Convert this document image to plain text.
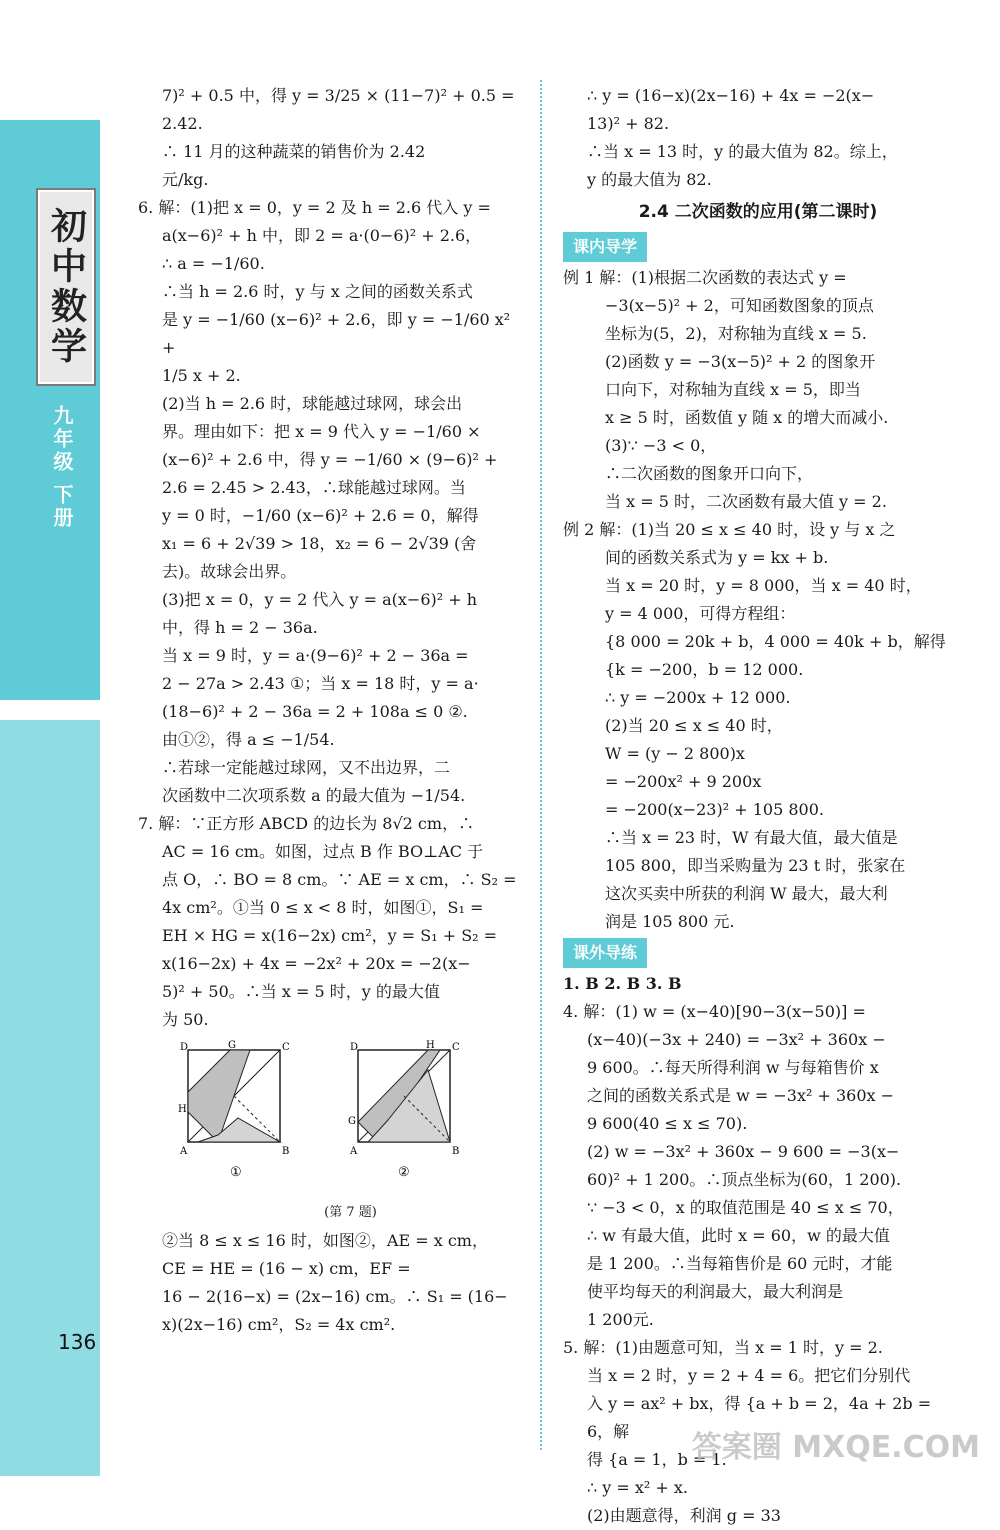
初中数学
九年级 下册
136

7)² + 0.5 中，得 y = 3/25 × (11−7)² + 0.5 =

2.42.

∴ 11 月的这种蔬菜的销售价为 2.42

元/kg.

6. 解：(1)把 x = 0，y = 2 及 h = 2.6 代入 y =

a(x−6)² + h 中，即 2 = a·(0−6)² + 2.6，

∴ a = −1/60.

∴当 h = 2.6 时，y 与 x 之间的函数关系式

是 y = −1/60 (x−6)² + 2.6，即 y = −1/60 x² +

1/5 x + 2.

(2)当 h = 2.6 时，球能越过球网，球会出

界。理由如下：把 x = 9 代入 y = −1/60 ×

(x−6)² + 2.6 中，得 y = −1/60 × (9−6)² +

2.6 = 2.45 > 2.43，∴球能越过球网。当

y = 0 时，−1/60 (x−6)² + 2.6 = 0，解得

x₁ = 6 + 2√39 > 18，x₂ = 6 − 2√39 (舍

去)。故球会出界。

(3)把 x = 0，y = 2 代入 y = a(x−6)² + h

中，得 h = 2 − 36a.

当 x = 9 时，y = a·(9−6)² + 2 − 36a =

2 − 27a > 2.43 ①；当 x = 18 时，y = a·

(18−6)² + 2 − 36a = 2 + 108a ≤ 0 ②.

由①②，得 a ≤ −1/54.

∴若球一定能越过球网，又不出边界，二

次函数中二次项系数 a 的最大值为 −1/54.

7. 解：∵正方形 ABCD 的边长为 8√2 cm，∴

AC = 16 cm。如图，过点 B 作 BO⊥AC 于

点 O，∴ BO = 8 cm。∵ AE = x cm，∴ S₂ =

4x cm²。①当 0 ≤ x < 8 时，如图①，S₁ =

EH × HG = x(16−2x) cm²，y = S₁ + S₂ =

x(16−2x) + 4x = −2x² + 20x = −2(x−

5)² + 50。∴当 x = 5 时，y 的最大值

为 50.

D	G	C
H
A	B
D	H C
G
A	B
①	②
(第 7 题)

②当 8 ≤ x ≤ 16 时，如图②，AE = x cm，

CE = HE = (16 − x) cm，EF =

16 − 2(16−x) = (2x−16) cm。∴ S₁ = (16−

x)(2x−16) cm²，S₂ = 4x cm².

∴ y = (16−x)(2x−16) + 4x = −2(x−

13)² + 82.

∴当 x = 13 时，y 的最大值为 82。综上，

y 的最大值为 82.

2.4 二次函数的应用(第二课时)

课内导学

例 1 解：(1)根据二次函数的表达式 y =

−3(x−5)² + 2，可知函数图象的顶点

坐标为(5，2)，对称轴为直线 x = 5.

(2)函数 y = −3(x−5)² + 2 的图象开

口向下，对称轴为直线 x = 5，即当

x ≥ 5 时，函数值 y 随 x 的增大而减小.

(3)∵ −3 < 0，

∴二次函数的图象开口向下，

当 x = 5 时，二次函数有最大值 y = 2.

例 2 解：(1)当 20 ≤ x ≤ 40 时，设 y 与 x 之

间的函数关系式为 y = kx + b.

当 x = 20 时，y = 8 000，当 x = 40 时，

y = 4 000，可得方程组：

{8 000 = 20k + b，4 000 = 40k + b，解得 {k = −200，b = 12 000.

∴ y = −200x + 12 000.

(2)当 20 ≤ x ≤ 40 时，

W = (y − 2 800)x

= −200x² + 9 200x

= −200(x−23)² + 105 800.

∴当 x = 23 时，W 有最大值，最大值是

105 800，即当采购量为 23 t 时，张家在

这次买卖中所获的利润 W 最大，最大利

润是 105 800 元.

课外导练

1. B 2. B 3. B

4. 解：(1) w = (x−40)[90−3(x−50)] =

(x−40)(−3x + 240) = −3x² + 360x −

9 600。∴每天所得利润 w 与每箱售价 x

之间的函数关系式是 w = −3x² + 360x −

9 600(40 ≤ x ≤ 70).

(2) w = −3x² + 360x − 9 600 = −3(x−

60)² + 1 200。∴顶点坐标为(60，1 200).

∵ −3 < 0，x 的取值范围是 40 ≤ x ≤ 70，

∴ w 有最大值，此时 x = 60，w 的最大值

是 1 200。∴当每箱售价是 60 元时，才能

使平均每天的利润最大，最大利润是

1 200元.

5. 解：(1)由题意可知，当 x = 1 时，y = 2.

当 x = 2 时，y = 2 + 4 = 6。把它们分别代

入 y = ax² + bx，得 {a + b = 2，4a + 2b = 6，解

得 {a = 1，b = 1.

∴ y = x² + x.

(2)由题意得，利润 g = 33

答案圈 MXQE.COM
